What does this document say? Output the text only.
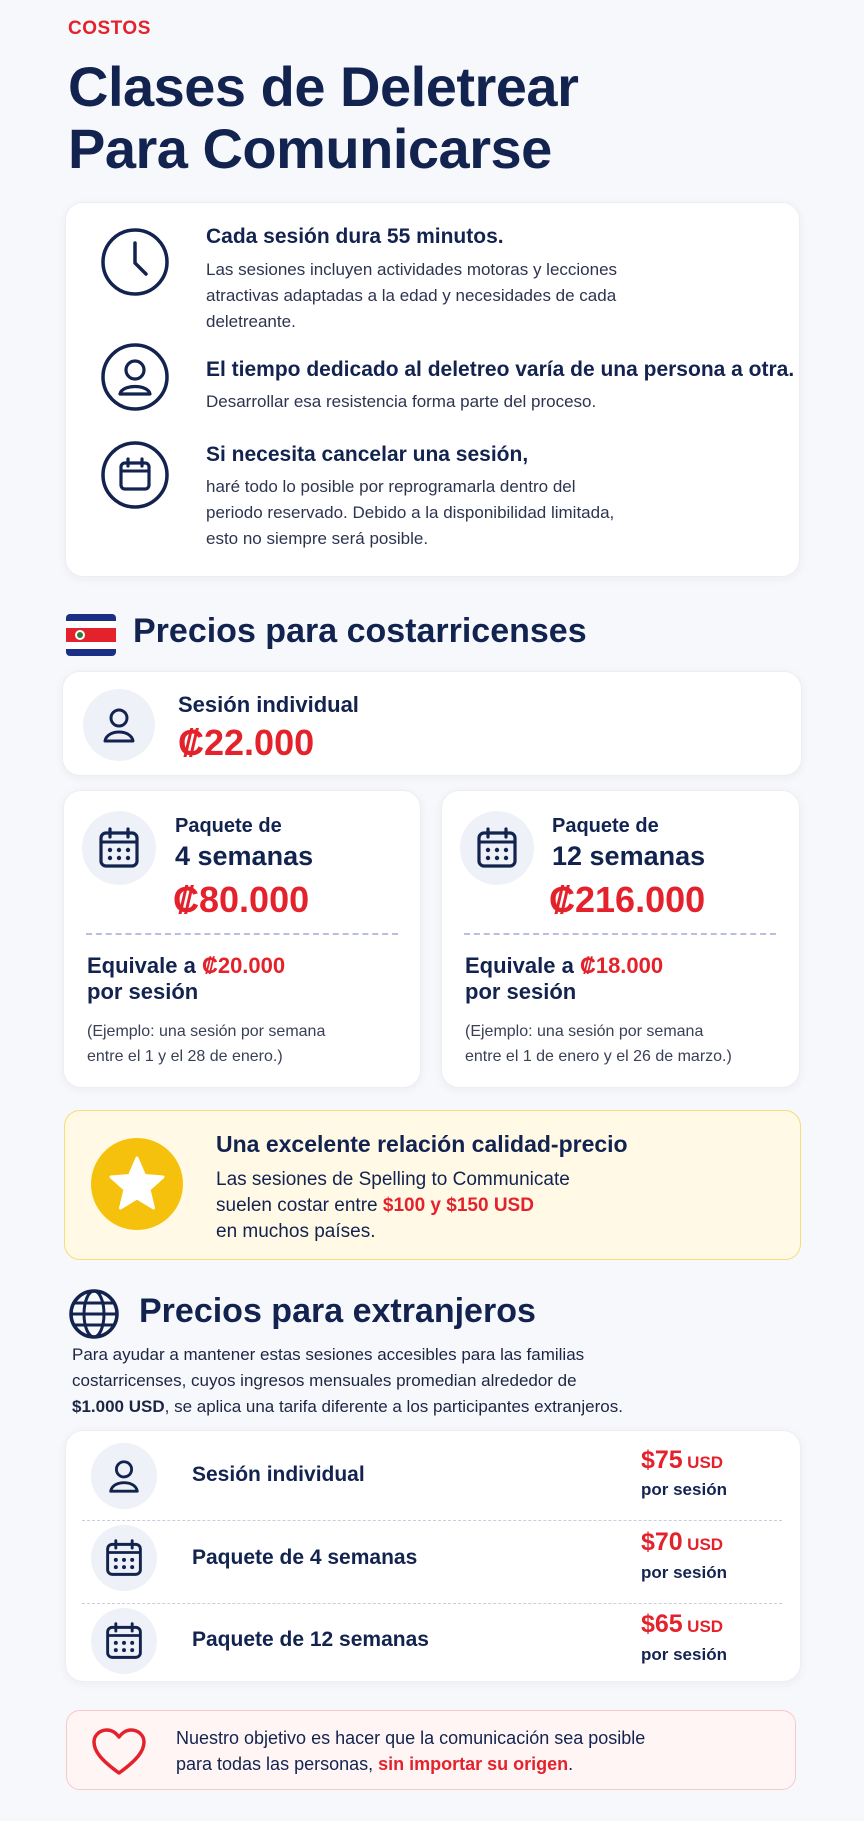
COSTOS
Clases de Deletrear
Para Comunicarse
Cada sesión dura 55 minutos.
Las sesiones incluyen actividades motoras y lecciones
atractivas adaptadas a la edad y necesidades de cada
deletreante.
El tiempo dedicado al deletreo varía de una persona a otra.
Desarrollar esa resistencia forma parte del proceso.
Si necesita cancelar una sesión,
haré todo lo posible por reprogramarla dentro del
periodo reservado. Debido a la disponibilidad limitada,
esto no siempre será posible.
Precios para costarricenses
Sesión individual
₡22.000
Paquete de
4 semanas
₡80.000
Equivale a ₡20.000
por sesión
(Ejemplo: una sesión por semana
entre el 1 y el 28 de enero.)
Paquete de
12 semanas
₡216.000
Equivale a ₡18.000
por sesión
(Ejemplo: una sesión por semana
entre el 1 de enero y el 26 de marzo.)
Una excelente relación calidad-precio
Las sesiones de Spelling to Communicate
suelen costar entre $100 y $150 USD
en muchos países.
Precios para extranjeros
Para ayudar a mantener estas sesiones accesibles para las familias
costarricenses, cuyos ingresos mensuales promedian alrededor de
$1.000 USD, se aplica una tarifa diferente a los participantes extranjeros.
Sesión individual
$75 USD
por sesión
Paquete de 4 semanas
$70 USD
por sesión
Paquete de 12 semanas
$65 USD
por sesión
Nuestro objetivo es hacer que la comunicación sea posible
para todas las personas, sin importar su origen.
